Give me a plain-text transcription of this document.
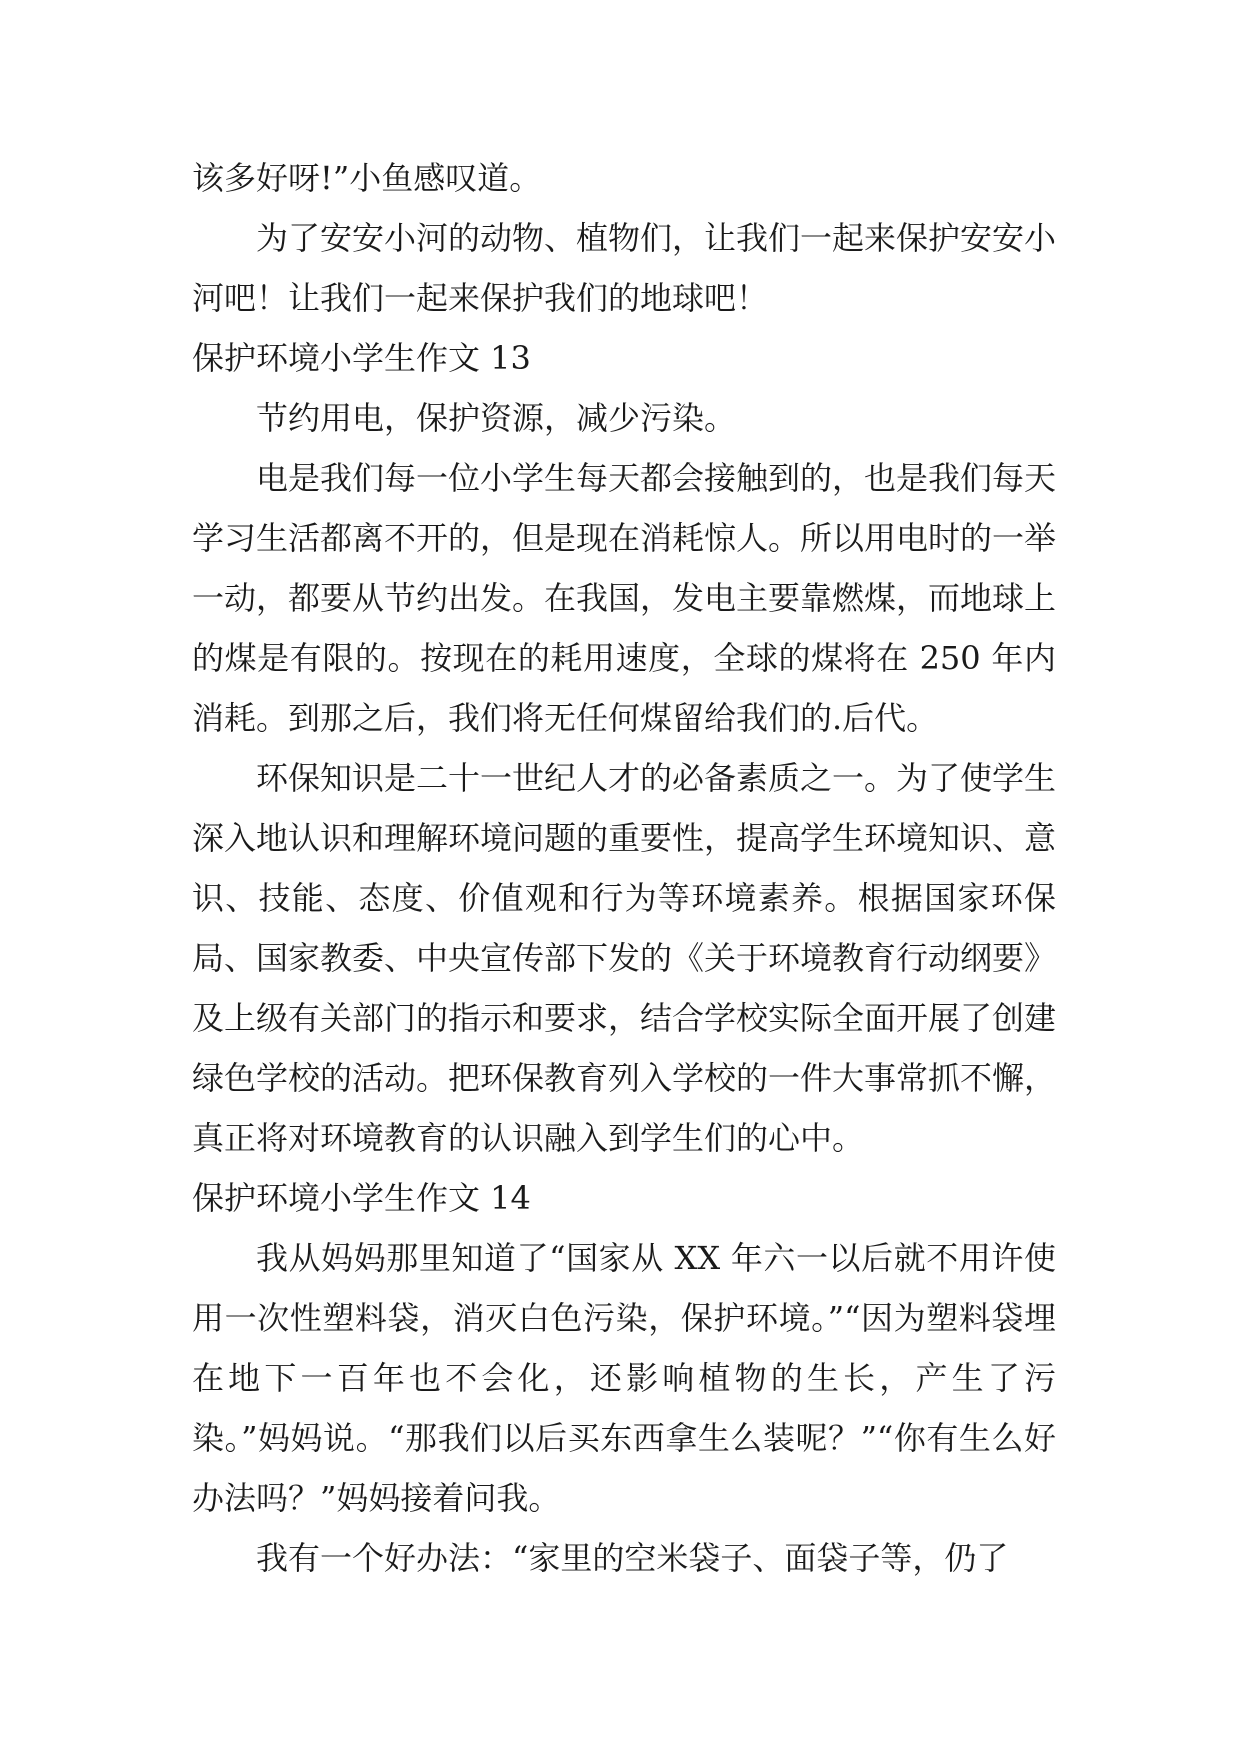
该多好呀!”小鱼感叹道。

为了安安小河的动物、植物们，让我们一起来保护安安小河吧！让我们一起来保护我们的地球吧！

保护环境小学生作文 13

节约用电，保护资源，减少污染。

电是我们每一位小学生每天都会接触到的，也是我们每天学习生活都离不开的，但是现在消耗惊人。所以用电时的一举一动，都要从节约出发。在我国，发电主要靠燃煤，而地球上的煤是有限的。按现在的耗用速度，全球的煤将在 250 年内消耗。到那之后，我们将无任何煤留给我们的.后代。

环保知识是二十一世纪人才的必备素质之一。为了使学生深入地认识和理解环境问题的重要性，提高学生环境知识、意识、技能、态度、价值观和行为等环境素养。根据国家环保局、国家教委、中央宣传部下发的《关于环境教育行动纲要》及上级有关部门的指示和要求，结合学校实际全面开展了创建绿色学校的活动。把环保教育列入学校的一件大事常抓不懈，真正将对环境教育的认识融入到学生们的心中。

保护环境小学生作文 14

我从妈妈那里知道了“国家从 XX 年六一以后就不用许使用一次性塑料袋，消灭白色污染，保护环境。”“因为塑料袋埋在地下一百年也不会化，还影响植物的生长，产生了污染。”妈妈说。“那我们以后买东西拿生么装呢？”“你有生么好办法吗？”妈妈接着问我。

我有一个好办法：“家里的空米袋子、面袋子等，仍了
